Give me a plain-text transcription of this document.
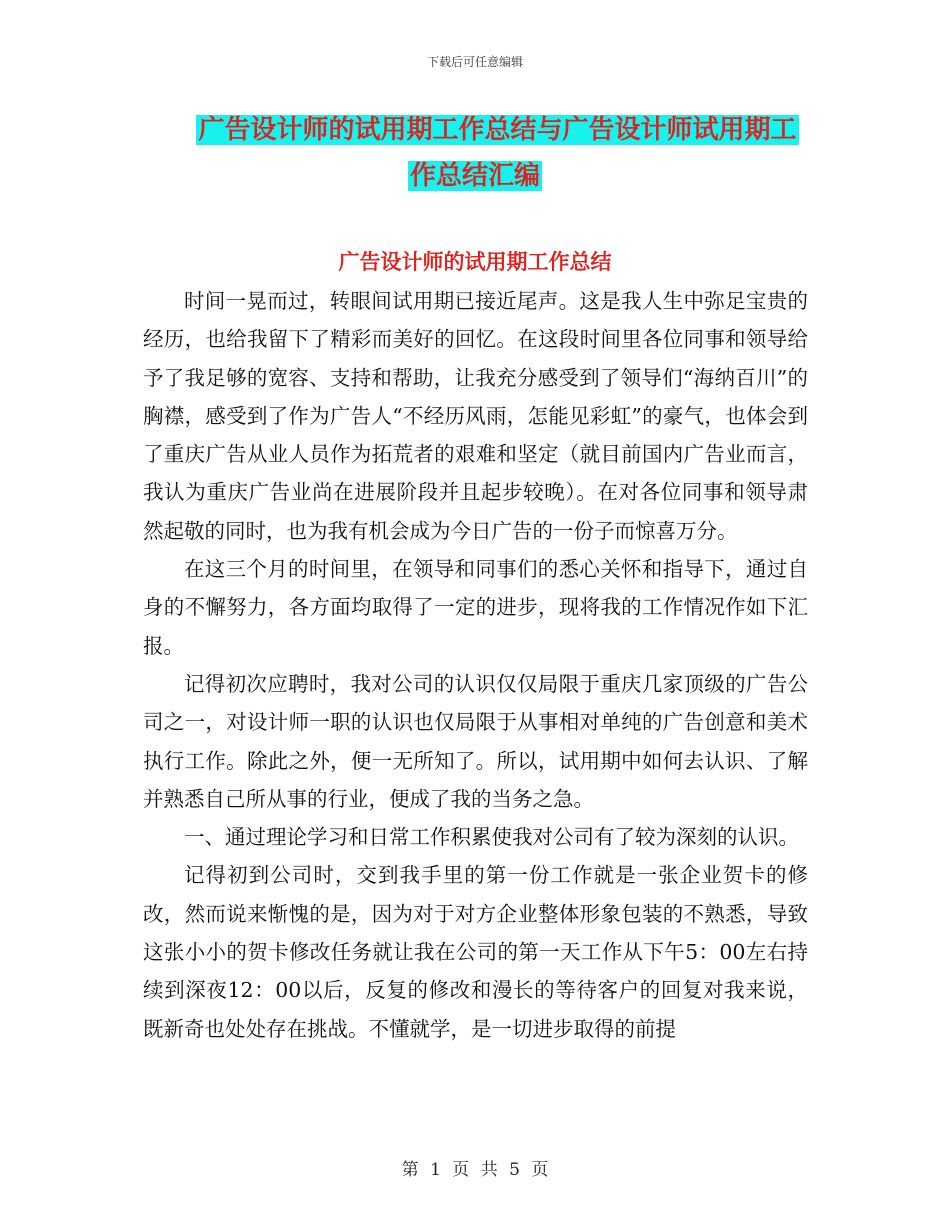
下载后可任意编辑
广告设计师的试用期工作总结与广告设计师试用期工
作总结汇编
广告设计师的试用期工作总结

时间一晃而过，转眼间试用期已接近尾声。这是我人生中弥足宝贵的经历，也给我留下了精彩而美好的回忆。在这段时间里各位同事和领导给予了我足够的宽容、支持和帮助，让我充分感受到了领导们“海纳百川”的胸襟，感受到了作为广告人“不经历风雨，怎能见彩虹”的豪气，也体会到了重庆广告从业人员作为拓荒者的艰难和坚定（就目前国内广告业而言，我认为重庆广告业尚在进展阶段并且起步较晚）。在对各位同事和领导肃然起敬的同时，也为我有机会成为今日广告的一份子而惊喜万分。

在这三个月的时间里，在领导和同事们的悉心关怀和指导下，通过自身的不懈努力，各方面均取得了一定的进步，现将我的工作情况作如下汇报。

记得初次应聘时，我对公司的认识仅仅局限于重庆几家顶级的广告公司之一，对设计师一职的认识也仅局限于从事相对单纯的广告创意和美术执行工作。除此之外，便一无所知了。所以，试用期中如何去认识、了解并熟悉自己所从事的行业，便成了我的当务之急。

一、通过理论学习和日常工作积累使我对公司有了较为深刻的认识。

记得初到公司时，交到我手里的第一份工作就是一张企业贺卡的修改，然而说来惭愧的是，因为对于对方企业整体形象包装的不熟悉，导致这张小小的贺卡修改任务就让我在公司的第一天工作从下午5：00左右持续到深夜12：00以后，反复的修改和漫长的等待客户的回复对我来说，既新奇也处处存在挑战。不懂就学，是一切进步取得的前提

第 1 页 共 5 页
